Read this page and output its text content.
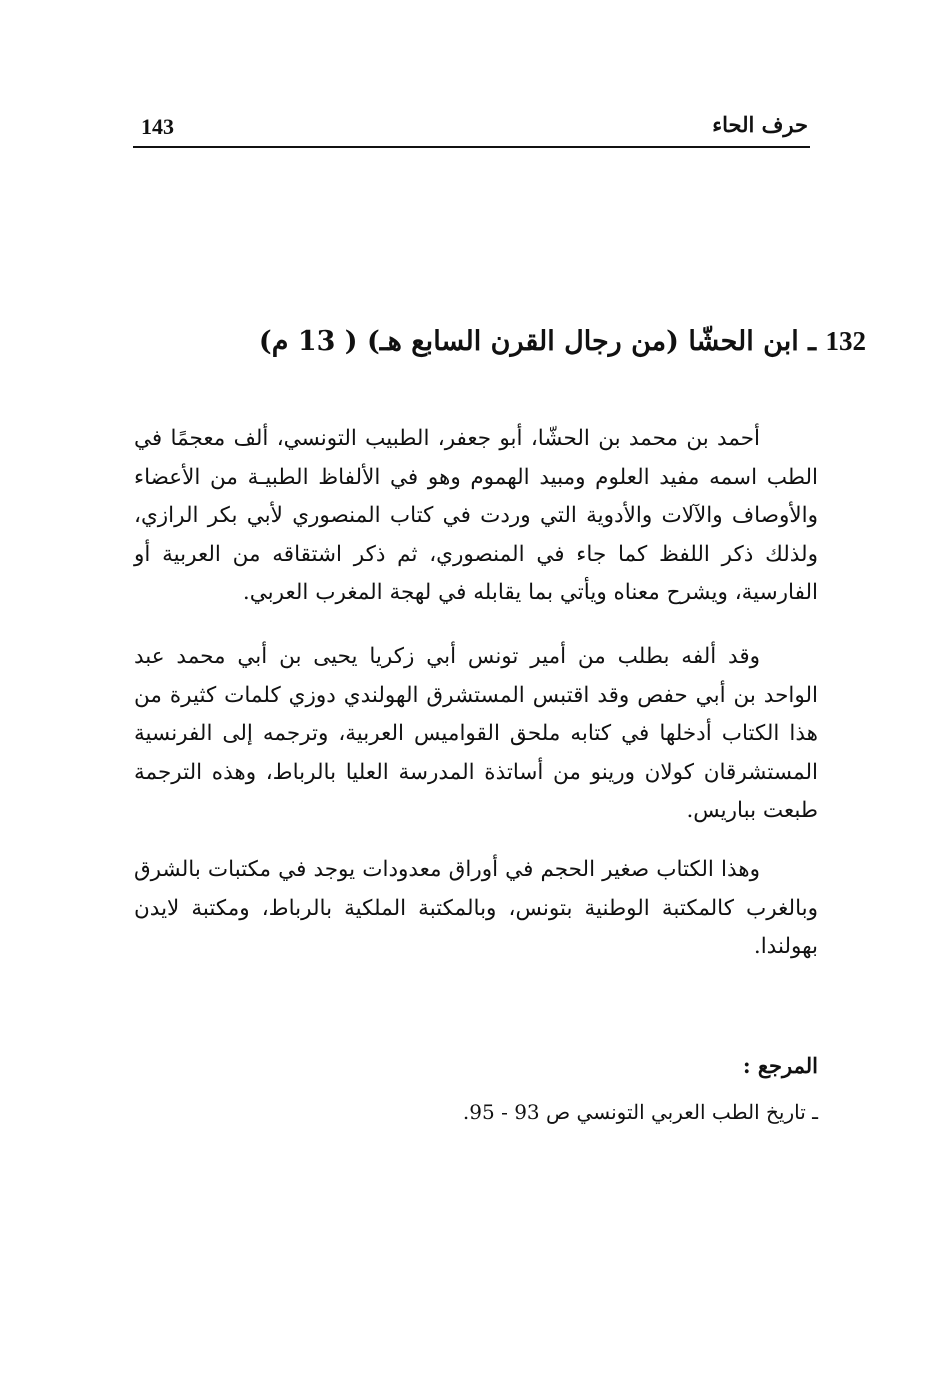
143	حرف الحاء
132 ـ ابن الحشّا (من رجال القرن السابع هـ) ( 13 م)

أحمد بن محمد بن الحشّا، أبو جعفر، الطبيب التونسي، ألف معجمًا في الطب اسمه مفيد العلوم ومبيد الهموم وهو في الألفاظ الطبيـة من الأعضاء والأوصاف والآلات والأدوية التي وردت في كتاب المنصوري لأبي بكر الرازي، ولذلك ذكر اللفظ كما جاء في المنصوري، ثم ذكر اشتقاقه من العربية أو الفارسية، ويشرح معناه ويأتي بما يقابله في لهجة المغرب العربي.

وقد ألفه بطلب من أمير تونس أبي زكريا يحيى بن أبي محمد عبد الواحد بن أبي حفص وقد اقتبس المستشرق الهولندي دوزي كلمات كثيرة من هذا الكتاب أدخلها في كتابه ملحق القواميس العربية، وترجمه إلى الفرنسية المستشرقان كولان ورينو من أساتذة المدرسة العليا بالرباط، وهذه الترجمة طبعت بباريس.

وهذا الكتاب صغير الحجم في أوراق معدودات يوجد في مكتبات بالشرق وبالغرب كالمكتبة الوطنية بتونس، وبالمكتبة الملكية بالرباط، ومكتبة لايدن بهولندا.

المرجع :
ـ تاريخ الطب العربي التونسي ص 93 - 95.
